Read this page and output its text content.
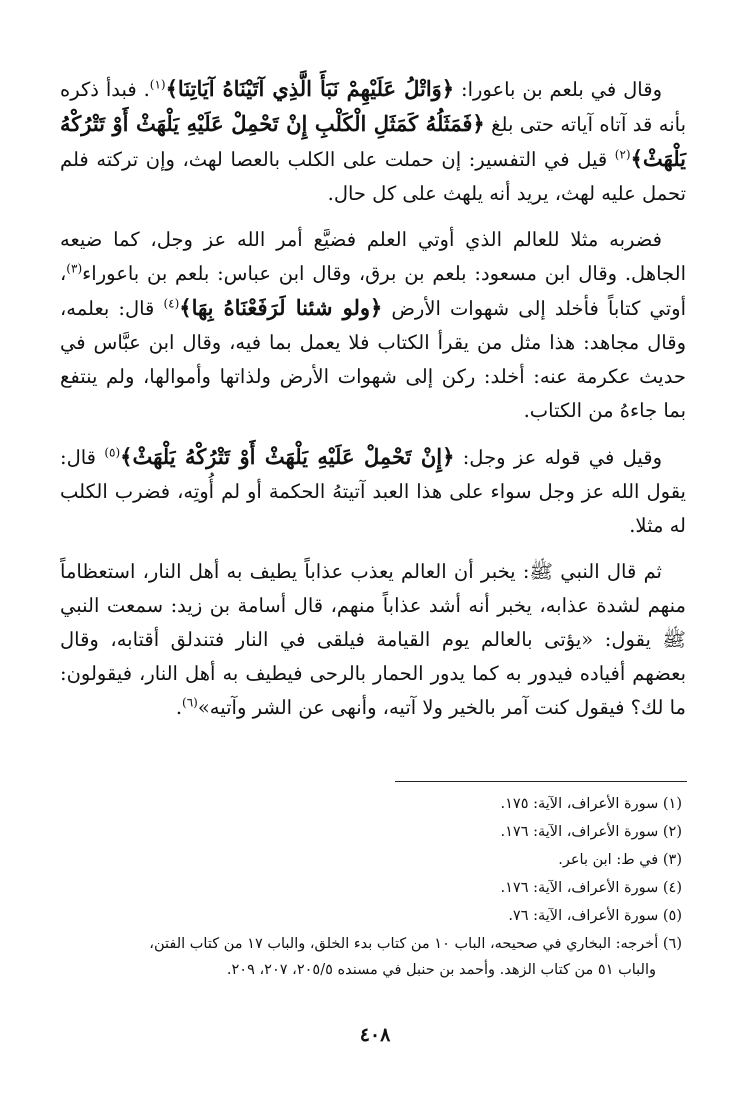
وقال في بلعم بن باعورا: ﴿وَاتْلُ عَلَيْهِمْ نَبَأَ الَّذِي آتَيْنَاهُ آيَاتِنَا﴾$^{(١)}$. فبدأ ذكره بأنه قد آتاه آياته حتى بلغ ﴿فَمَثَلُهُ كَمَثَلِ الْكَلْبِ إِنْ تَحْمِلْ عَلَيْهِ يَلْهَثْ أَوْ تَتْرُكْهُ يَلْهَثْ﴾$^{(٢)}$ قيل في التفسير: إن حملت على الكلب بالعصا لهث، وإن تركته فلم تحمل عليه لهث، يريد أنه يلهث على كل حال.

فضربه مثلا للعالم الذي أوتي العلم فضيَّع أمر الله عز وجل، كما ضيعه الجاهل. وقال ابن مسعود: بلعم بن برق، وقال ابن عباس: بلعم بن باعوراء$^{(٣)}$، أوتي كتاباً فأخلد إلى شهوات الأرض ﴿ولو شئنا لَرَفَعْنَاهُ بِهَا﴾$^{(٤)}$ قال: بعلمه، وقال مجاهد: هذا مثل من يقرأ الكتاب فلا يعمل بما فيه، وقال ابن عبَّاس في حديث عكرمة عنه: أخلد: ركن إلى شهوات الأرض ولذاتها وأموالها، ولم ينتفع بما جاءهُ من الكتاب.

وقيل في قوله عز وجل: ﴿إِنْ تَحْمِلْ عَلَيْهِ يَلْهَثْ أَوْ تَتْرُكْهُ يَلْهَثْ﴾$^{(٥)}$ قال: يقول الله عز وجل سواء على هذا العبد آتيتهُ الحكمة أو لم أُوتِه، فضرب الكلب له مثلا.

ثم قال النبي ﷺ: يخبر أن العالم يعذب عذاباً يطيف به أهل النار، استعظاماً منهم لشدة عذابه، يخبر أنه أشد عذاباً منهم، قال أسامة بن زيد: سمعت النبي ﷺ يقول: «يؤتى بالعالم يوم القيامة فيلقى في النار فتندلق أقتابه، وقال بعضهم أفياده فيدور به كما يدور الحمار بالرحى فيطيف به أهل النار، فيقولون: ما لك؟ فيقول كنت آمر بالخير ولا آتيه، وأنهى عن الشر وآتيه»$^{(٦)}$.

(١) سورة الأعراف، الآية: ١٧٥.

(٢) سورة الأعراف، الآية: ١٧٦.

(٣) في ط: ابن باعر.

(٤) سورة الأعراف، الآية: ١٧٦.

(٥) سورة الأعراف، الآية: ٧٦.

(٦) أخرجه: البخاري في صحيحه، الباب ١٠ من كتاب بدء الخلق، والباب ١٧ من كتاب الفتن،

والباب ٥١ من كتاب الزهد. وأحمد بن حنبل في مسنده ٢٠٥/٥، ٢٠٧، ٢٠٩.

٤٠٨
